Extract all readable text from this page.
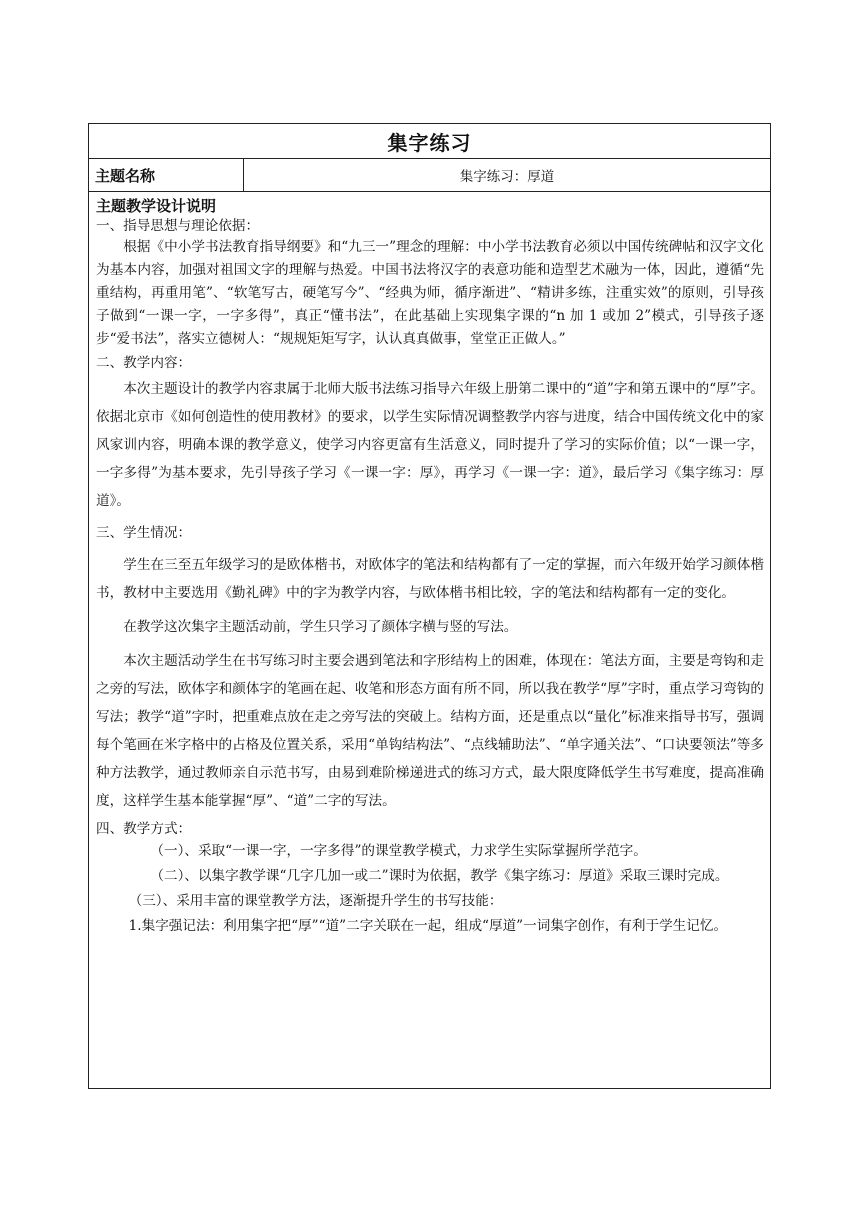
集字练习
主题名称	集字练习：厚道
主题教学设计说明

一、指导思想与理论依据：

根据《中小学书法教育指导纲要》和“九三一”理念的理解：中小学书法教育必须以中国传统碑帖和汉字文化为基本内容，加强对祖国文字的理解与热爱。中国书法将汉字的表意功能和造型艺术融为一体，因此，遵循“先重结构，再重用笔”、“软笔写古，硬笔写今”、“经典为师，循序渐进”、“精讲多练，注重实效”的原则，引导孩子做到“一课一字，一字多得”，真正“懂书法”，在此基础上实现集字课的“n 加 1 或加 2”模式，引导孩子逐步“爱书法”，落实立德树人：“规规矩矩写字，认认真真做事，堂堂正正做人。”

二、教学内容：

本次主题设计的教学内容隶属于北师大版书法练习指导六年级上册第二课中的“道”字和第五课中的“厚”字。依据北京市《如何创造性的使用教材》的要求，以学生实际情况调整教学内容与进度，结合中国传统文化中的家风家训内容，明确本课的教学意义，使学习内容更富有生活意义，同时提升了学习的实际价值；以“一课一字，一字多得”为基本要求，先引导孩子学习《一课一字：厚》，再学习《一课一字：道》，最后学习《集字练习：厚道》。

三、学生情况：

学生在三至五年级学习的是欧体楷书，对欧体字的笔法和结构都有了一定的掌握，而六年级开始学习颜体楷书，教材中主要选用《勤礼碑》中的字为教学内容，与欧体楷书相比较，字的笔法和结构都有一定的变化。

在教学这次集字主题活动前，学生只学习了颜体字横与竖的写法。

本次主题活动学生在书写练习时主要会遇到笔法和字形结构上的困难，体现在：笔法方面，主要是弯钩和走之旁的写法，欧体字和颜体字的笔画在起、收笔和形态方面有所不同，所以我在教学“厚”字时，重点学习弯钩的写法；教学“道”字时，把重难点放在走之旁写法的突破上。结构方面，还是重点以“量化”标准来指导书写，强调每个笔画在米字格中的占格及位置关系，采用“单钩结构法”、“点线辅助法”、“单字通关法”、“口诀要领法”等多种方法教学，通过教师亲自示范书写，由易到难阶梯递进式的练习方式，最大限度降低学生书写难度，提高准确度，这样学生基本能掌握“厚”、“道”二字的写法。

四、教学方式：

（一）、采取“一课一字，一字多得”的课堂教学模式，力求学生实际掌握所学范字。

（二）、以集字教学课“几字几加一或二”课时为依据，教学《集字练习：厚道》采取三课时完成。

（三）、采用丰富的课堂教学方法，逐渐提升学生的书写技能：

1.集字强记法：利用集字把“厚”“道”二字关联在一起，组成“厚道”一词集字创作，有利于学生记忆。
